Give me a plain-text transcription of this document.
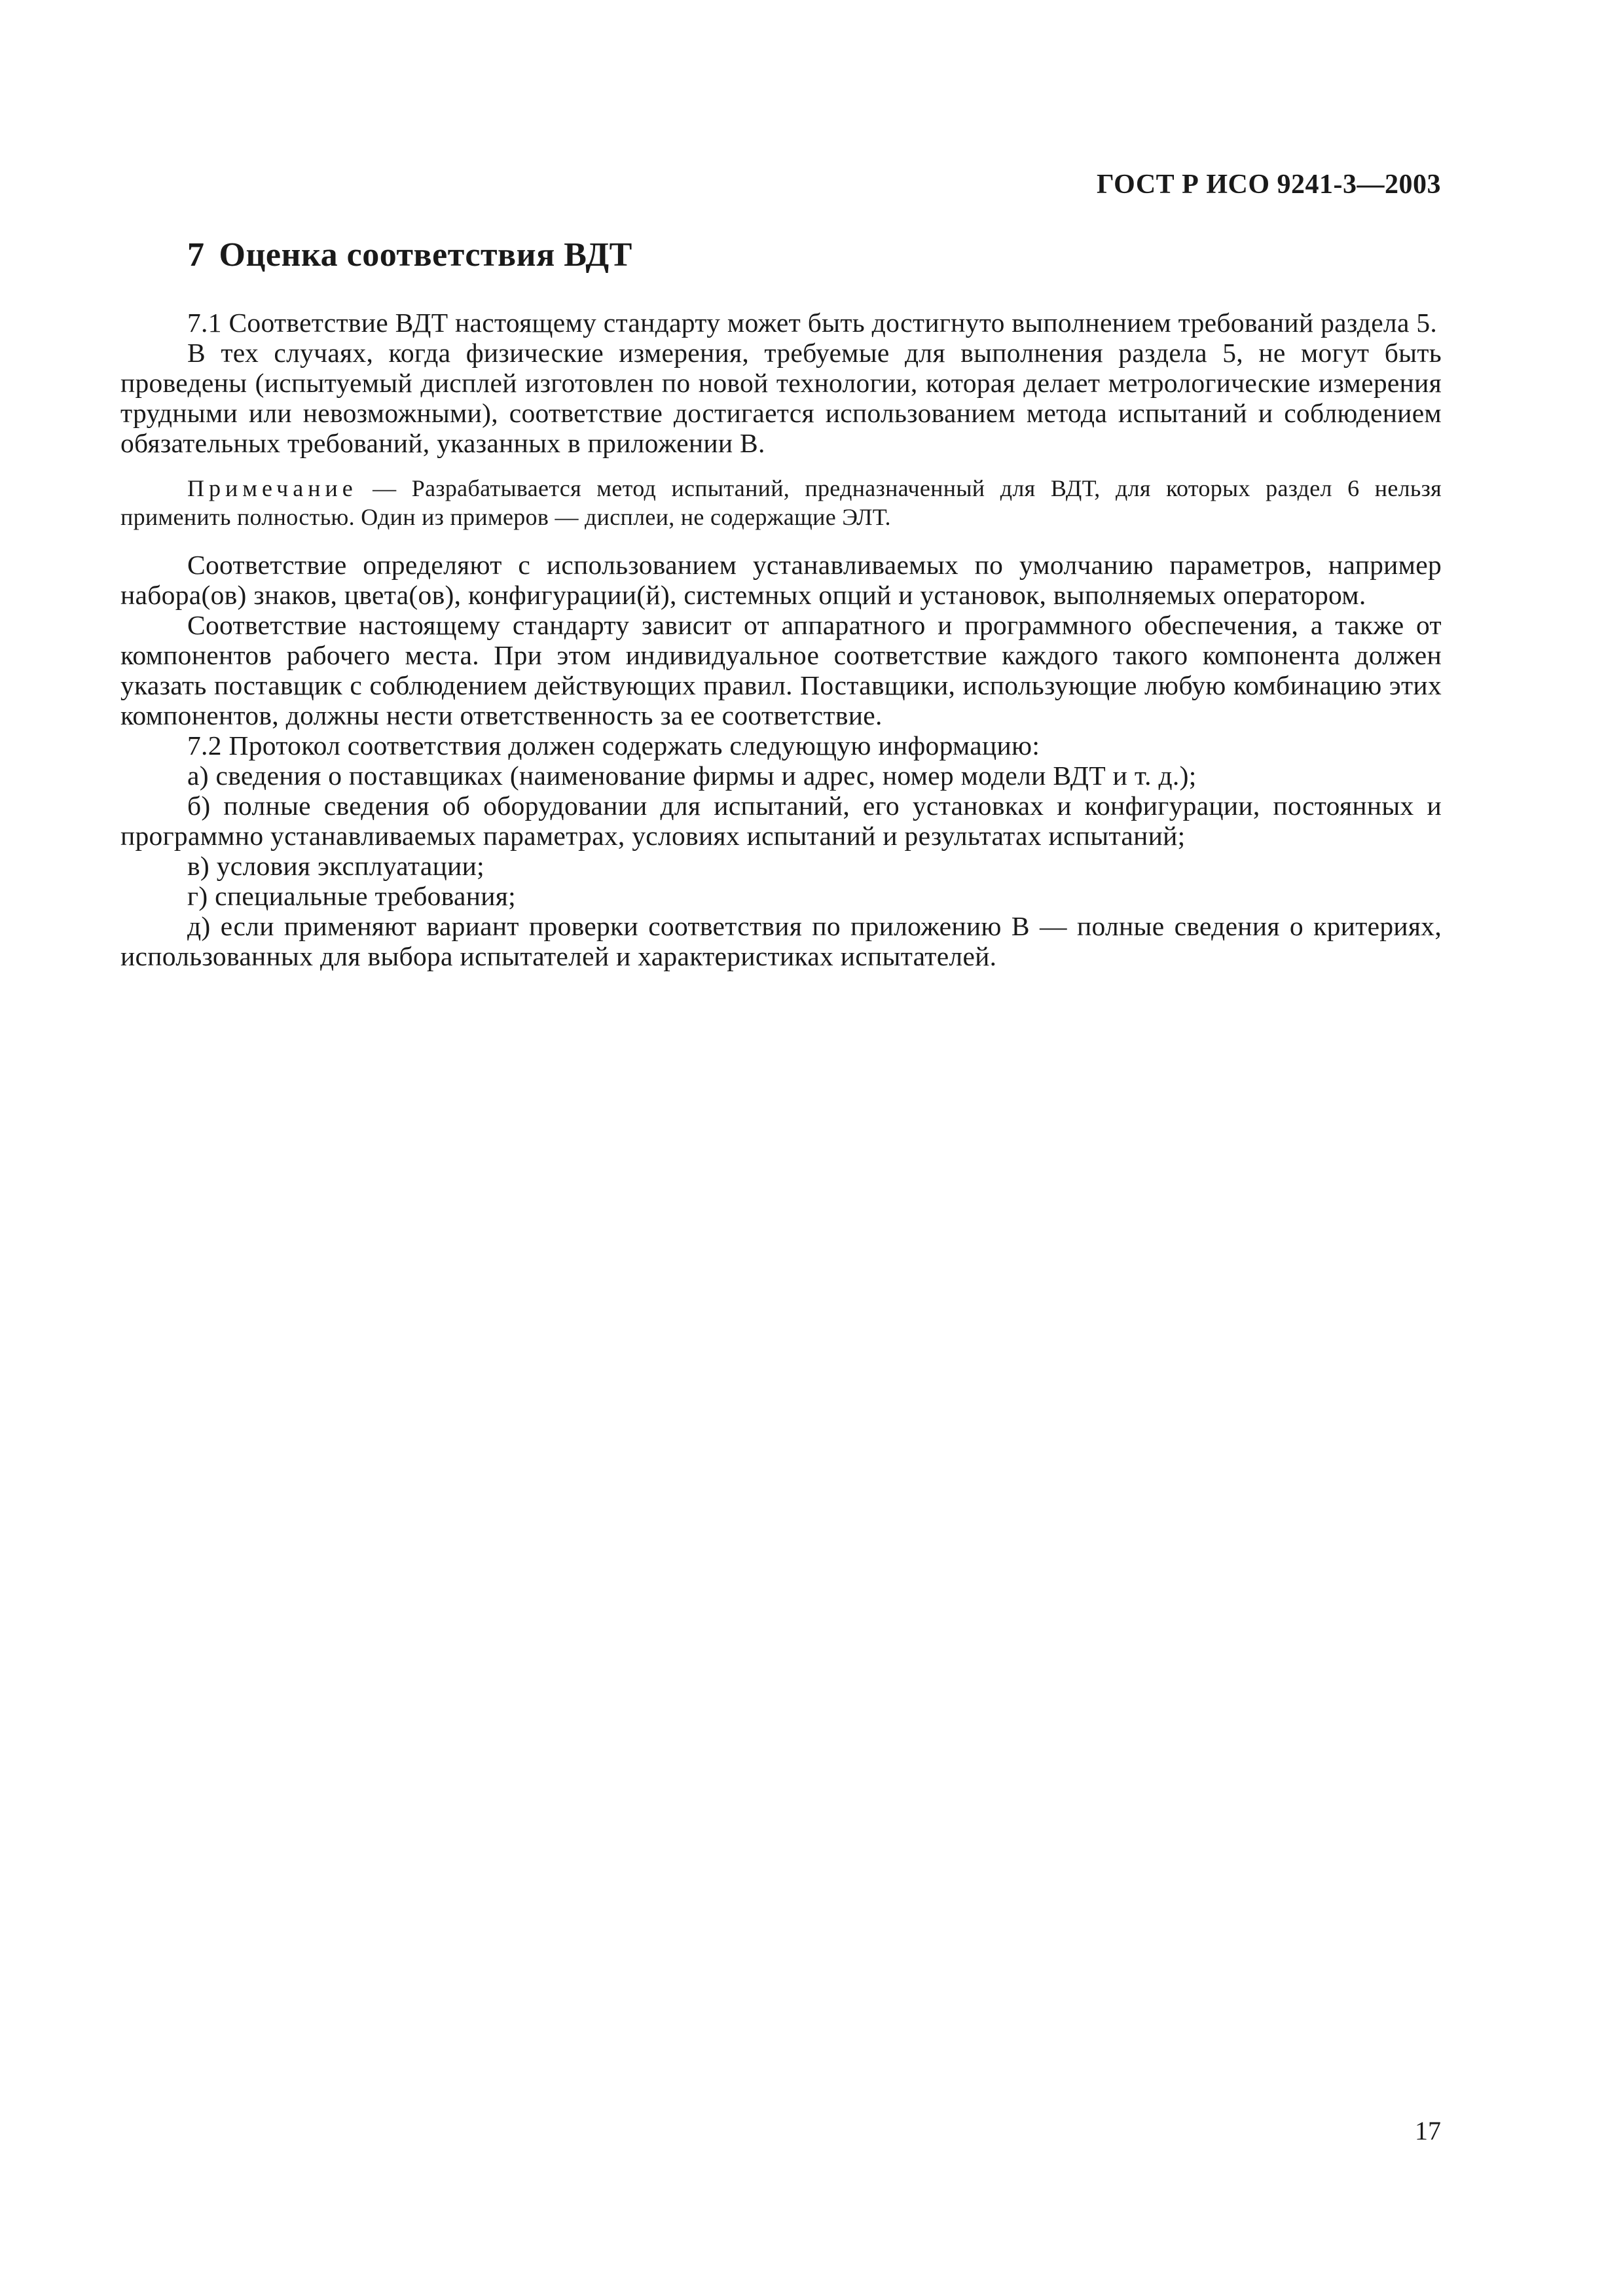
ГОСТ Р ИСО 9241-3—2003
7 Оценка соответствия ВДТ

7.1 Соответствие ВДТ настоящему стандарту может быть достигнуто выполнением требований раздела 5.

В тех случаях, когда физические измерения, требуемые для выполнения раздела 5, не могут быть проведены (испытуемый дисплей изготовлен по новой технологии, которая делает метрологические измерения трудными или невозможными), соответствие достигается использованием метода испытаний и соблюдением обязательных требований, указанных в приложении В.

Примечание — Разрабатывается метод испытаний, предназначенный для ВДТ, для которых раздел 6 нельзя применить полностью. Один из примеров — дисплеи, не содержащие ЭЛТ.

Соответствие определяют с использованием устанавливаемых по умолчанию параметров, например набора(ов) знаков, цвета(ов), конфигурации(й), системных опций и установок, выполняемых оператором.

Соответствие настоящему стандарту зависит от аппаратного и программного обеспечения, а также от компонентов рабочего места. При этом индивидуальное соответствие каждого такого компонента должен указать поставщик с соблюдением действующих правил. Поставщики, использующие любую комбинацию этих компонентов, должны нести ответственность за ее соответствие.

7.2 Протокол соответствия должен содержать следующую информацию:

а) сведения о поставщиках (наименование фирмы и адрес, номер модели ВДТ и т. д.);

б) полные сведения об оборудовании для испытаний, его установках и конфигурации, постоянных и программно устанавливаемых параметрах, условиях испытаний и результатах испытаний;

в) условия эксплуатации;

г) специальные требования;

д) если применяют вариант проверки соответствия по приложению В — полные сведения о критериях, использованных для выбора испытателей и характеристиках испытателей.

17
